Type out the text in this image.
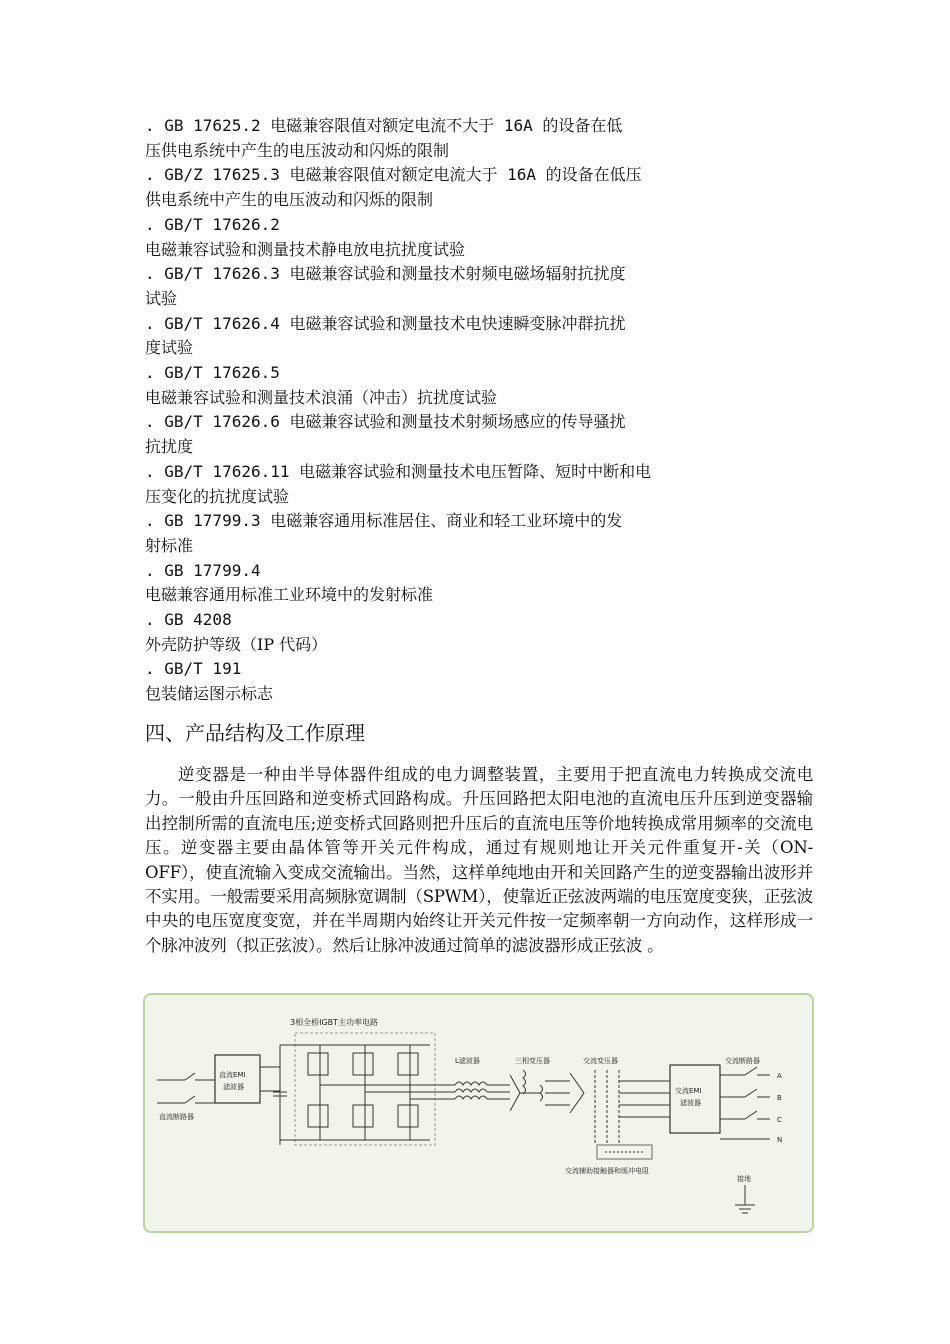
. GB 17625.2 电磁兼容限值对额定电流不大于 16A 的设备在低
压供电系统中产生的电压波动和闪烁的限制
. GB/Z 17625.3 电磁兼容限值对额定电流大于 16A 的设备在低压
供电系统中产生的电压波动和闪烁的限制
. GB/T 17626.2
电磁兼容试验和测量技术静电放电抗扰度试验
. GB/T 17626.3 电磁兼容试验和测量技术射频电磁场辐射抗扰度
试验
. GB/T 17626.4 电磁兼容试验和测量技术电快速瞬变脉冲群抗扰
度试验
. GB/T 17626.5
电磁兼容试验和测量技术浪涌（冲击）抗扰度试验
. GB/T 17626.6 电磁兼容试验和测量技术射频场感应的传导骚扰
抗扰度
. GB/T 17626.11 电磁兼容试验和测量技术电压暂降、短时中断和电
压变化的抗扰度试验
. GB 17799.3 电磁兼容通用标准居住、商业和轻工业环境中的发
射标准
. GB 17799.4
电磁兼容通用标准工业环境中的发射标准
. GB 4208
外壳防护等级（IP 代码）
. GB/T 191
包装储运图示标志
四、产品结构及工作原理
逆变器是一种由半导体器件组成的电力调整装置，主要用于把直流电力转换成交流电力。一般由升压回路和逆变桥式回路构成。升压回路把太阳电池的直流电压升压到逆变器输出控制所需的直流电压;逆变桥式回路则把升压后的直流电压等价地转换成常用频率的交流电压。逆变器主要由晶体管等开关元件构成，通过有规则地让开关元件重复开-关（ON-OFF），使直流输入变成交流输出。当然，这样单纯地由开和关回路产生的逆变器输出波形并不实用。一般需要采用高频脉宽调制（SPWM），使靠近正弦波两端的电压宽度变狭，正弦波中央的电压宽度变宽，并在半周期内始终让开关元件按一定频率朝一方向动作，这样形成一个脉冲波列（拟正弦波）。然后让脉冲波通过简单的滤波器形成正弦波 。
3相全桥IGBT主功率电路
直流EMI
滤波器
直流断路器
L滤波器	三相变压器	交流变压器
交流EMI
滤波器
交流断路器
A
B
C
N
交流辅助接触器和缓冲电阻
接地
